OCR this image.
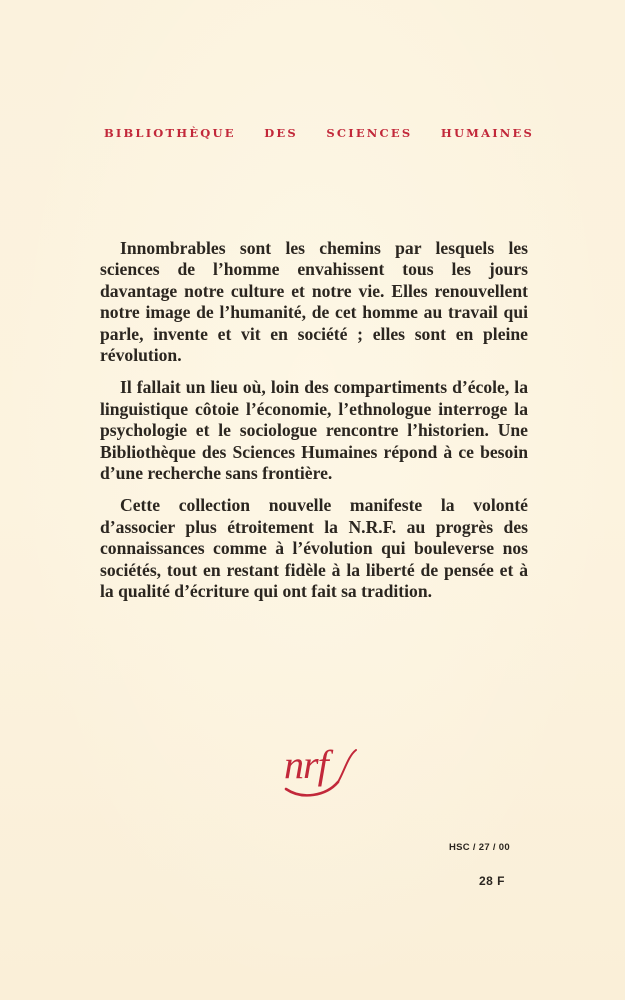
BIBLIOTHÈQUE DES SCIENCES HUMAINES

Innombrables sont les chemins par lesquels les sciences de l’homme envahissent tous les jours davantage notre culture et notre vie. Elles renouvellent notre image de l’humanité, de cet homme au travail qui parle, invente et vit en société ; elles sont en pleine révolution.

Il fallait un lieu où, loin des compartiments d’école, la linguistique côtoie l’économie, l’ethnologue interroge la psychologie et le sociologue rencontre l’historien. Une Bibliothèque des Sciences Humaines répond à ce besoin d’une recherche sans frontière.

Cette collection nouvelle manifeste la volonté d’associer plus étroitement la N.R.F. au progrès des connaissances comme à l’évolution qui bouleverse nos sociétés, tout en restant fidèle à la liberté de pensée et à la qualité d’écriture qui ont fait sa tradition.

nrf
HSC / 27 / 00
28 F
